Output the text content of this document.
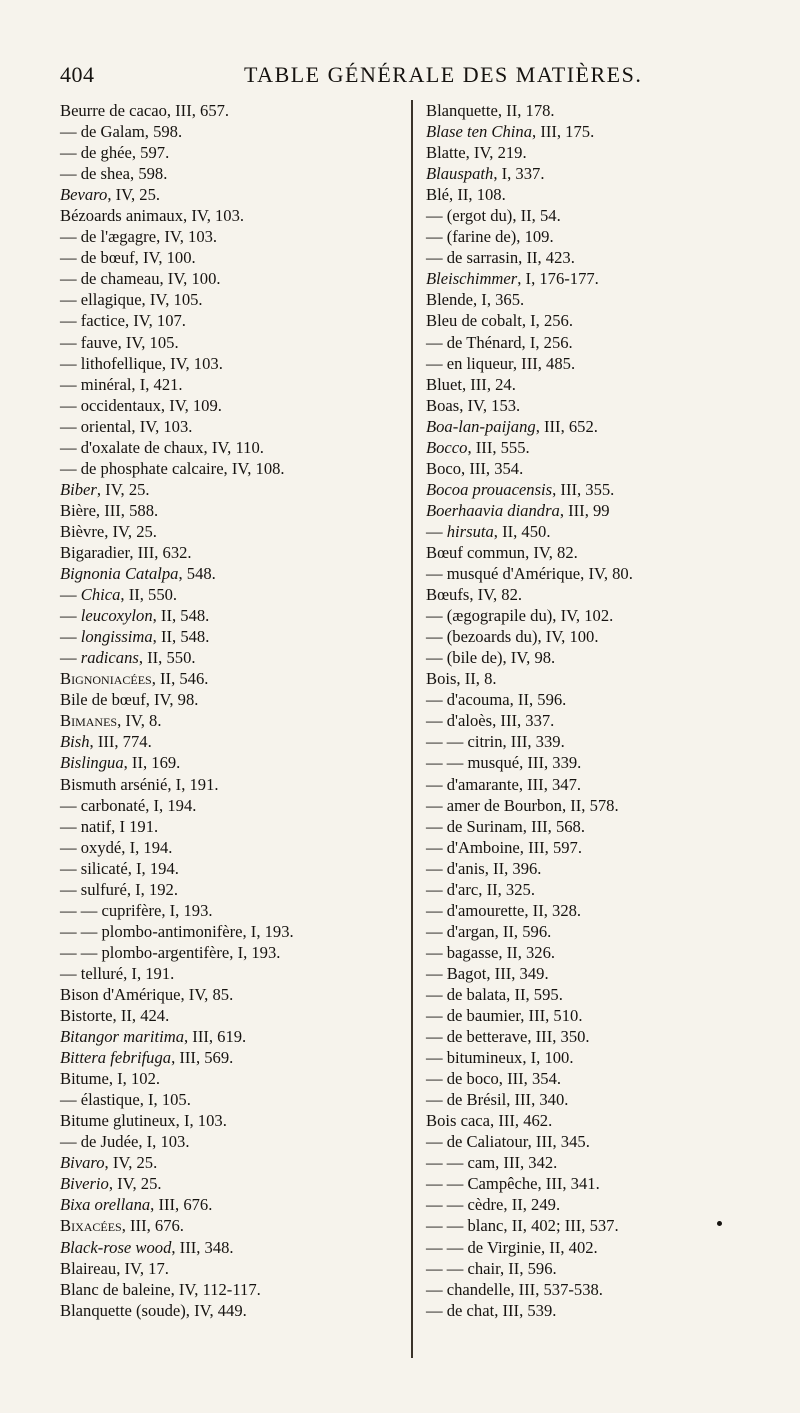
404	TABLE GÉNÉRALE DES MATIÈRES.
Beurre de cacao, III, 657.
— de Galam, 598.
— de ghée, 597.
— de shea, 598.
Bevaro, IV, 25.
Bézoards animaux, IV, 103.
— de l'ægagre, IV, 103.
— de bœuf, IV, 100.
— de chameau, IV, 100.
— ellagique, IV, 105.
— factice, IV, 107.
— fauve, IV, 105.
— lithofellique, IV, 103.
— minéral, I, 421.
— occidentaux, IV, 109.
— oriental, IV, 103.
— d'oxalate de chaux, IV, 110.
— de phosphate calcaire, IV, 108.
Biber, IV, 25.
Bière, III, 588.
Bièvre, IV, 25.
Bigaradier, III, 632.
Bignonia Catalpa, 548.
— Chica, II, 550.
— leucoxylon, II, 548.
— longissima, II, 548.
— radicans, II, 550.
Bignoniacées, II, 546.
Bile de bœuf, IV, 98.
Bimanes, IV, 8.
Bish, III, 774.
Bislingua, II, 169.
Bismuth arsénié, I, 191.
— carbonaté, I, 194.
— natif, I 191.
— oxydé, I, 194.
— silicaté, I, 194.
— sulfuré, I, 192.
— — cuprifère, I, 193.
— — plombo-antimonifère, I, 193.
— — plombo-argentifère, I, 193.
— telluré, I, 191.
Bison d'Amérique, IV, 85.
Bistorte, II, 424.
Bitangor maritima, III, 619.
Bittera febrifuga, III, 569.
Bitume, I, 102.
— élastique, I, 105.
Bitume glutineux, I, 103.
— de Judée, I, 103.
Bivaro, IV, 25.
Biverio, IV, 25.
Bixa orellana, III, 676.
Bixacées, III, 676.
Black-rose wood, III, 348.
Blaireau, IV, 17.
Blanc de baleine, IV, 112-117.
Blanquette (soude), IV, 449.
Blanquette, II, 178.
Blase ten China, III, 175.
Blatte, IV, 219.
Blauspath, I, 337.
Blé, II, 108.
— (ergot du), II, 54.
— (farine de), 109.
— de sarrasin, II, 423.
Bleischimmer, I, 176-177.
Blende, I, 365.
Bleu de cobalt, I, 256.
— de Thénard, I, 256.
— en liqueur, III, 485.
Bluet, III, 24.
Boas, IV, 153.
Boa-lan-paijang, III, 652.
Bocco, III, 555.
Boco, III, 354.
Bocoa prouacensis, III, 355.
Boerhaavia diandra, III, 99
— hirsuta, II, 450.
Bœuf commun, IV, 82.
— musqué d'Amérique, IV, 80.
Bœufs, IV, 82.
— (ægograpile du), IV, 102.
— (bezoards du), IV, 100.
— (bile de), IV, 98.
Bois, II, 8.
— d'acouma, II, 596.
— d'aloès, III, 337.
— — citrin, III, 339.
— — musqué, III, 339.
— d'amarante, III, 347.
— amer de Bourbon, II, 578.
— de Surinam, III, 568.
— d'Amboine, III, 597.
— d'anis, II, 396.
— d'arc, II, 325.
— d'amourette, II, 328.
— d'argan, II, 596.
— bagasse, II, 326.
— Bagot, III, 349.
— de balata, II, 595.
— de baumier, III, 510.
— de betterave, III, 350.
— bitumineux, I, 100.
— de boco, III, 354.
— de Brésil, III, 340.
Bois caca, III, 462.
— de Caliatour, III, 345.
— — cam, III, 342.
— — Campêche, III, 341.
— — cèdre, II, 249.
— — blanc, II, 402; III, 537.
— — de Virginie, II, 402.
— — chair, II, 596.
— chandelle, III, 537-538.
— de chat, III, 539.
